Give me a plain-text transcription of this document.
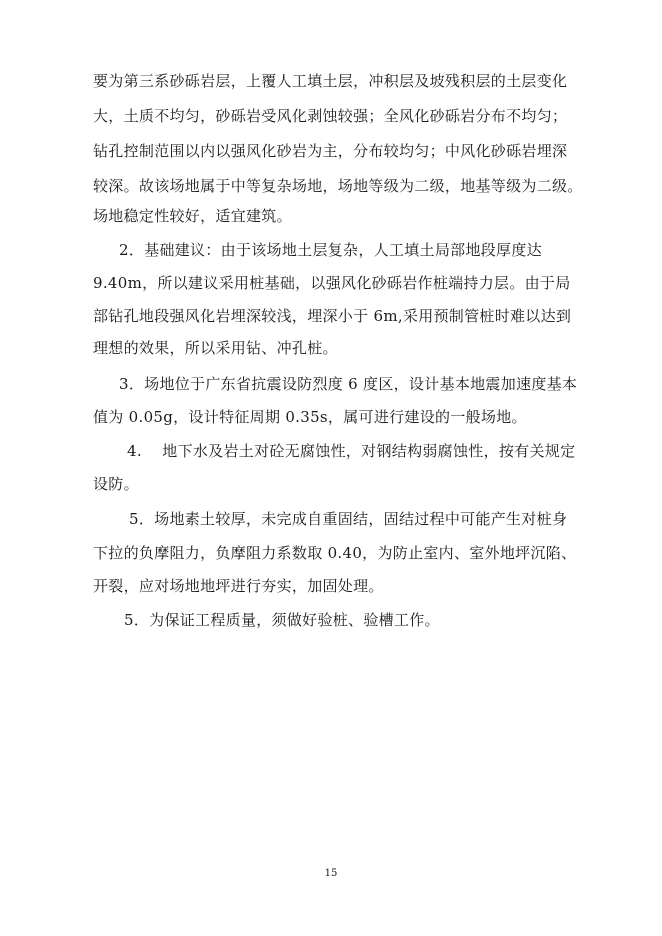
要为第三系砂砾岩层，上覆人工填土层，冲积层及坡残积层的土层变化
大，土质不均匀，砂砾岩受风化剥蚀较强；全风化砂砾岩分布不均匀；
钻孔控制范围以内以强风化砂岩为主，分布较均匀；中风化砂砾岩埋深
较深。故该场地属于中等复杂场地，场地等级为二级，地基等级为二级。
场地稳定性较好，适宜建筑。
2．基础建议：由于该场地土层复杂，人工填土局部地段厚度达
9.40m，所以建议采用桩基础，以强风化砂砾岩作桩端持力层。由于局
部钻孔地段强风化岩埋深较浅，埋深小于 6m,采用预制管桩时难以达到
理想的效果，所以采用钻、冲孔桩。
3．场地位于广东省抗震设防烈度 6 度区，设计基本地震加速度基本
值为 0.05g，设计特征周期 0.35s，属可进行建设的一般场地。
4.　 地下水及岩土对砼无腐蚀性，对钢结构弱腐蚀性，按有关规定
设防。
5．场地素土较厚，未完成自重固结，固结过程中可能产生对桩身
下拉的负摩阻力，负摩阻力系数取 0.40，为防止室内、室外地坪沉陷、
开裂，应对场地地坪进行夯实，加固处理。
5．为保证工程质量，须做好验桩、验槽工作。
15
